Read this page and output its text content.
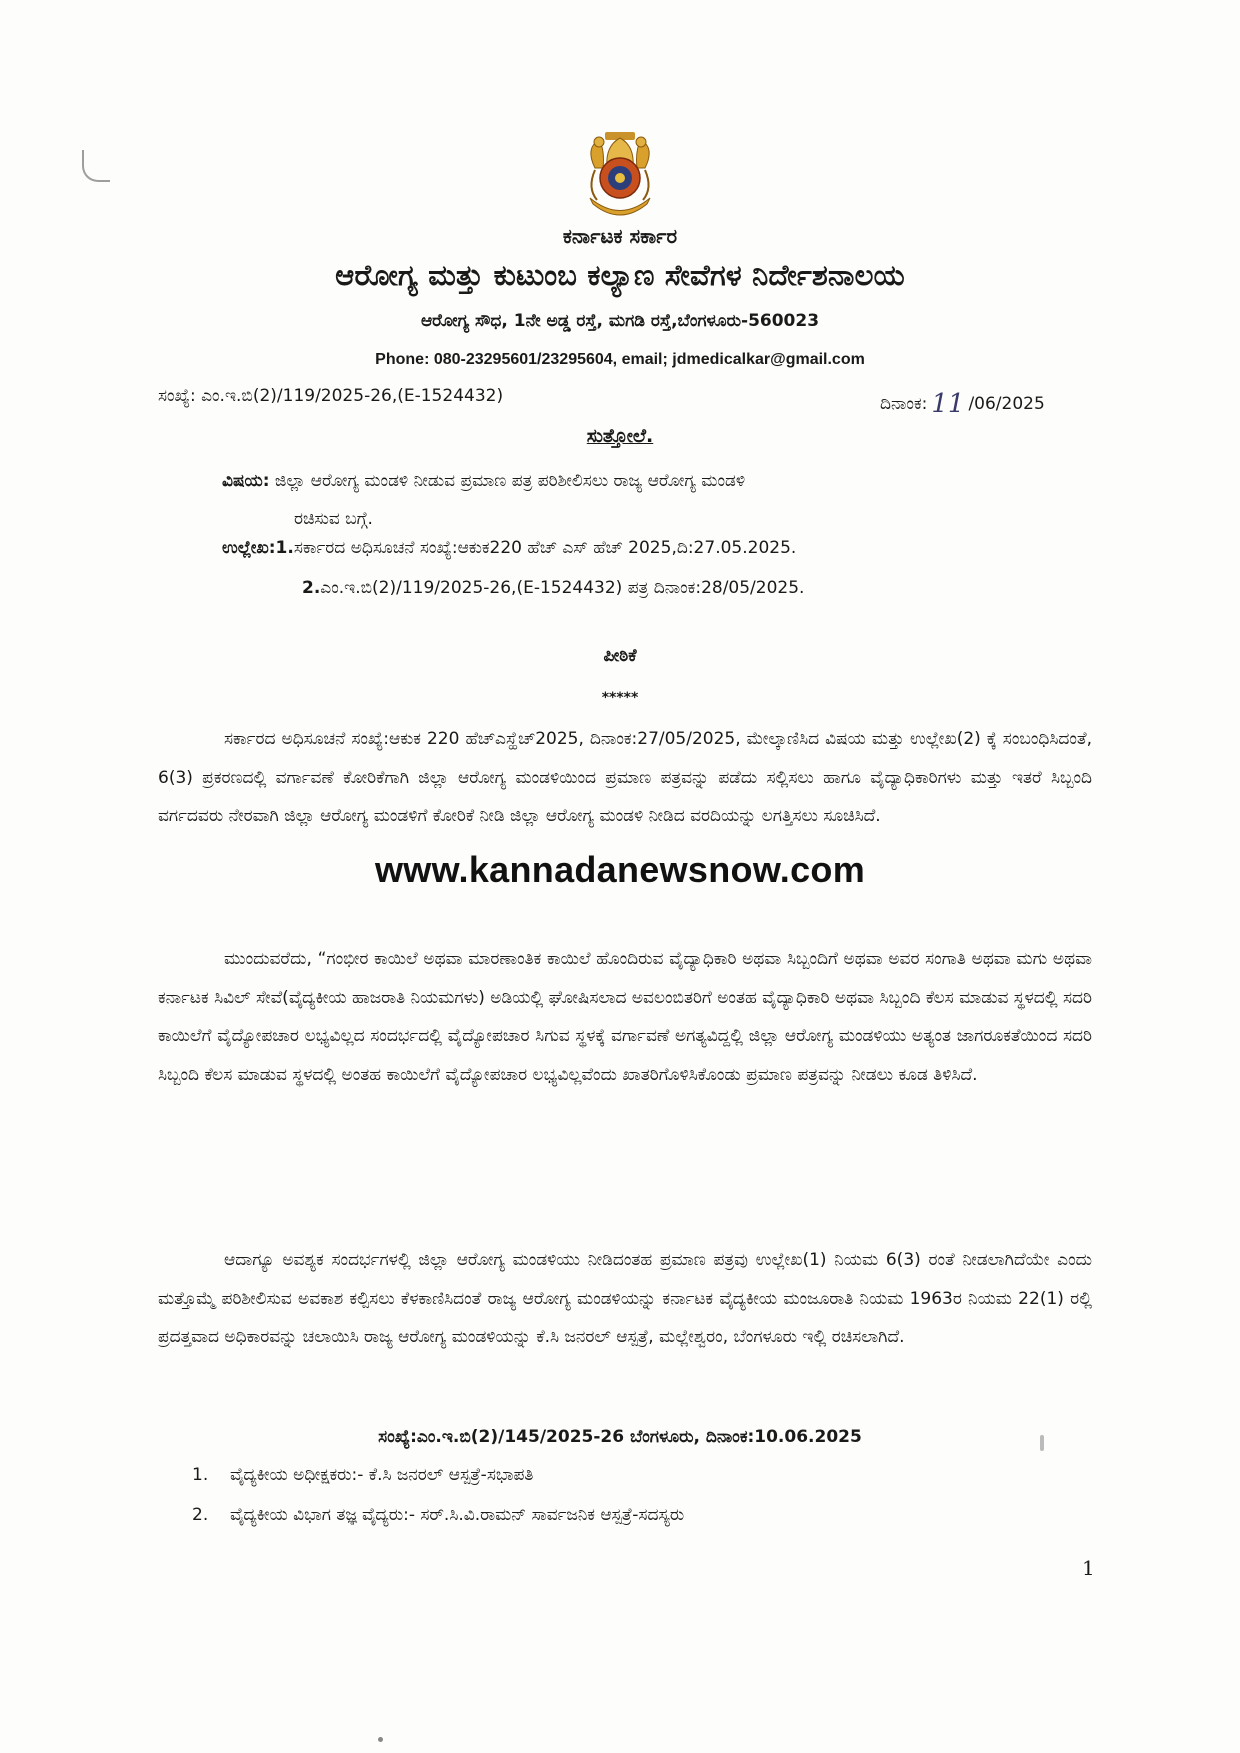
ಕರ್ನಾಟಕ ಸರ್ಕಾರ
ಆರೋಗ್ಯ ಮತ್ತು ಕುಟುಂಬ ಕಲ್ಯಾಣ ಸೇವೆಗಳ ನಿರ್ದೇಶನಾಲಯ
ಆರೋಗ್ಯ ಸೌಧ, 1ನೇ ಅಡ್ಡ ರಸ್ತೆ, ಮಗಡಿ ರಸ್ತೆ,ಬೆಂಗಳೂರು-560023
Phone: 080-23295601/23295604, email; jdmedicalkar@gmail.com
ಸಂಖ್ಯೆ: ಎಂ.ಇ.ಬಿ(2)/119/2025-26,(E-1524432)	ದಿನಾಂಕ: 11 /06/2025
ಸುತ್ತೋಲೆ.
ವಿಷಯ: ಜಿಲ್ಲಾ ಆರೋಗ್ಯ ಮಂಡಳಿ ನೀಡುವ ಪ್ರಮಾಣ ಪತ್ರ ಪರಿಶೀಲಿಸಲು ರಾಜ್ಯ ಆರೋಗ್ಯ ಮಂಡಳಿ
ರಚಿಸುವ ಬಗ್ಗೆ.
ಉಲ್ಲೇಖ:1.ಸರ್ಕಾರದ ಅಧಿಸೂಚನೆ ಸಂಖ್ಯೆ:ಆಕುಕ220 ಹೆಚ್ ಎಸ್ ಹೆಚ್ 2025,ದಿ:27.05.2025.
2.ಎಂ.ಇ.ಬಿ(2)/119/2025-26,(E-1524432) ಪತ್ರ ದಿನಾಂಕ:28/05/2025.
ಪೀಠಿಕೆ
*****
ಸರ್ಕಾರದ ಅಧಿಸೂಚನೆ ಸಂಖ್ಯೆ:ಆಕುಕ 220 ಹೆಚ್ಎಸ್ಹೆಚ್2025, ದಿನಾಂಕ:27/05/2025, ಮೇಲ್ಕಾಣಿಸಿದ ವಿಷಯ ಮತ್ತು ಉಲ್ಲೇಖ(2) ಕ್ಕೆ ಸಂಬಂಧಿಸಿದಂತೆ, 6(3) ಪ್ರಕರಣದಲ್ಲಿ ವರ್ಗಾವಣೆ ಕೋರಿಕೆಗಾಗಿ ಜಿಲ್ಲಾ ಆರೋಗ್ಯ ಮಂಡಳಿಯಿಂದ ಪ್ರಮಾಣ ಪತ್ರವನ್ನು ಪಡೆದು ಸಲ್ಲಿಸಲು ಹಾಗೂ ವೈದ್ಯಾಧಿಕಾರಿಗಳು ಮತ್ತು ಇತರೆ ಸಿಬ್ಬಂದಿ ವರ್ಗದವರು ನೇರವಾಗಿ ಜಿಲ್ಲಾ ಆರೋಗ್ಯ ಮಂಡಳಿಗೆ ಕೋರಿಕೆ ನೀಡಿ ಜಿಲ್ಲಾ ಆರೋಗ್ಯ ಮಂಡಳಿ ನೀಡಿದ ವರದಿಯನ್ನು ಲಗತ್ತಿಸಲು ಸೂಚಿಸಿದೆ.
www.kannadanewsnow.com
ಮುಂದುವರೆದು, “ಗಂಭೀರ ಕಾಯಿಲೆ ಅಥವಾ ಮಾರಣಾಂತಿಕ ಕಾಯಿಲೆ ಹೊಂದಿರುವ ವೈದ್ಯಾಧಿಕಾರಿ ಅಥವಾ ಸಿಬ್ಬಂದಿಗೆ ಅಥವಾ ಅವರ ಸಂಗಾತಿ ಅಥವಾ ಮಗು ಅಥವಾ ಕರ್ನಾಟಕ ಸಿವಿಲ್ ಸೇವೆ(ವೈದ್ಯಕೀಯ ಹಾಜರಾತಿ ನಿಯಮಗಳು) ಅಡಿಯಲ್ಲಿ ಘೋಷಿಸಲಾದ ಅವಲಂಬಿತರಿಗೆ ಅಂತಹ ವೈದ್ಯಾಧಿಕಾರಿ ಅಥವಾ ಸಿಬ್ಬಂದಿ ಕೆಲಸ ಮಾಡುವ ಸ್ಥಳದಲ್ಲಿ ಸದರಿ ಕಾಯಿಲೆಗೆ ವೈದ್ಯೋಪಚಾರ ಲಭ್ಯವಿಲ್ಲದ ಸಂದರ್ಭದಲ್ಲಿ ವೈದ್ಯೋಪಚಾರ ಸಿಗುವ ಸ್ಥಳಕ್ಕೆ ವರ್ಗಾವಣೆ ಅಗತ್ಯವಿದ್ದಲ್ಲಿ ಜಿಲ್ಲಾ ಆರೋಗ್ಯ ಮಂಡಳಿಯು ಅತ್ಯಂತ ಜಾಗರೂಕತೆಯಿಂದ ಸದರಿ ಸಿಬ್ಬಂದಿ ಕೆಲಸ ಮಾಡುವ ಸ್ಥಳದಲ್ಲಿ ಅಂತಹ ಕಾಯಿಲೆಗೆ ವೈದ್ಯೋಪಚಾರ ಲಭ್ಯವಿಲ್ಲವೆಂದು ಖಾತರಿಗೊಳಿಸಿಕೊಂಡು ಪ್ರಮಾಣ ಪತ್ರವನ್ನು ನೀಡಲು ಕೂಡ ತಿಳಿಸಿದೆ.
ಆದಾಗ್ಯೂ ಅವಶ್ಯಕ ಸಂದರ್ಭಗಳಲ್ಲಿ ಜಿಲ್ಲಾ ಆರೋಗ್ಯ ಮಂಡಳಿಯು ನೀಡಿದಂತಹ ಪ್ರಮಾಣ ಪತ್ರವು ಉಲ್ಲೇಖ(1) ನಿಯಮ 6(3) ರಂತೆ ನೀಡಲಾಗಿದೆಯೇ ಎಂದು ಮತ್ತೊಮ್ಮೆ ಪರಿಶೀಲಿಸುವ ಅವಕಾಶ ಕಲ್ಪಿಸಲು ಕೆಳಕಾಣಿಸಿದಂತೆ ರಾಜ್ಯ ಆರೋಗ್ಯ ಮಂಡಳಿಯನ್ನು ಕರ್ನಾಟಕ ವೈದ್ಯಕೀಯ ಮಂಜೂರಾತಿ ನಿಯಮ 1963ರ ನಿಯಮ 22(1) ರಲ್ಲಿ ಪ್ರದತ್ತವಾದ ಅಧಿಕಾರವನ್ನು ಚಲಾಯಿಸಿ ರಾಜ್ಯ ಆರೋಗ್ಯ ಮಂಡಳಿಯನ್ನು ಕೆ.ಸಿ ಜನರಲ್ ಆಸ್ಪತ್ರೆ, ಮಲ್ಲೇಶ್ವರಂ, ಬೆಂಗಳೂರು ಇಲ್ಲಿ ರಚಿಸಲಾಗಿದೆ.
ಸಂಖ್ಯೆ:ಎಂ.ಇ.ಬಿ(2)/145/2025-26 ಬೆಂಗಳೂರು, ದಿನಾಂಕ:10.06.2025
1. ವೈದ್ಯಕೀಯ ಅಧೀಕ್ಷಕರು:- ಕೆ.ಸಿ ಜನರಲ್ ಆಸ್ಪತ್ರೆ-ಸಭಾಪತಿ
2. ವೈದ್ಯಕೀಯ ವಿಭಾಗ ತಜ್ಞ ವೈದ್ಯರು:- ಸರ್.ಸಿ.ವಿ.ರಾಮನ್ ಸಾರ್ವಜನಿಕ ಆಸ್ಪತ್ರೆ-ಸದಸ್ಯರು
1
